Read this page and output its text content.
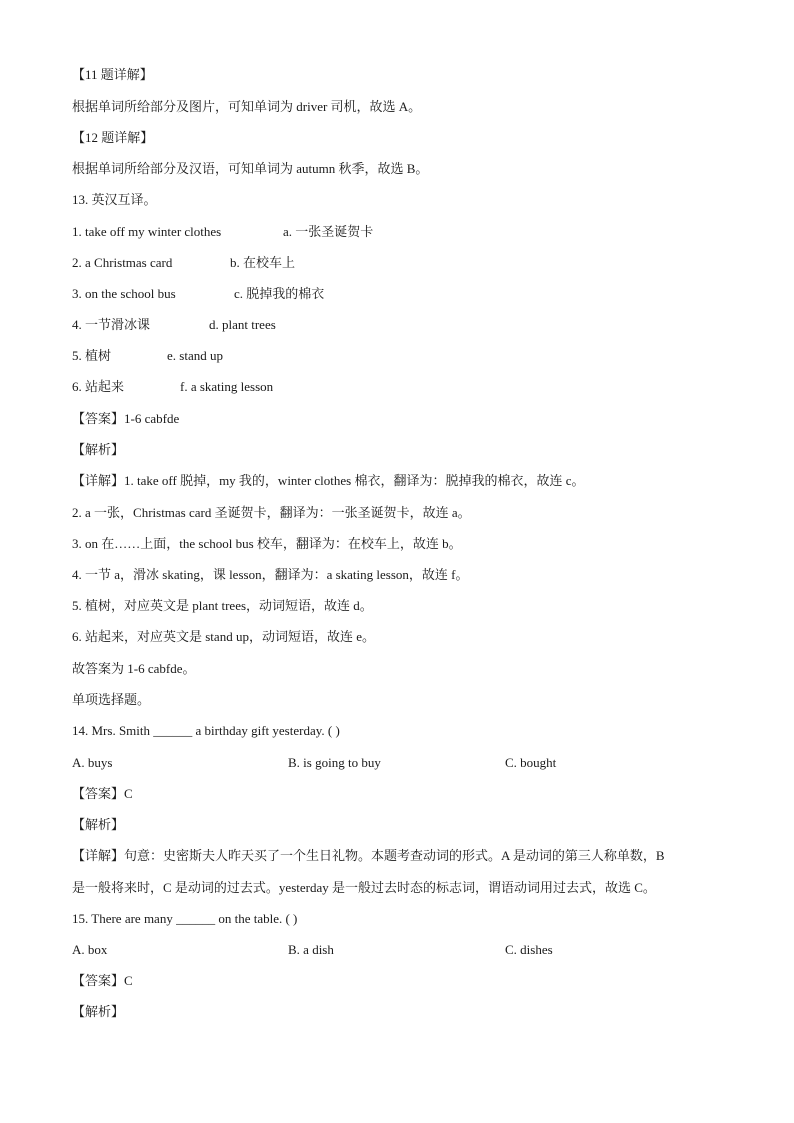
【11 题详解】
根据单词所给部分及图片，可知单词为 driver 司机，故选 A。
【12 题详解】
根据单词所给部分及汉语，可知单词为 autumn 秋季，故选 B。
13. 英汉互译。
1. take off my winter clothes	a. 一张圣诞贺卡
2. a Christmas card	b. 在校车上
3. on the school bus	c. 脱掉我的棉衣
4. 一节滑冰课	d. plant trees
5. 植树	e. stand up
6. 站起来	f. a skating lesson
【答案】1-6 cabfde
【解析】
【详解】1. take off 脱掉，my 我的，winter clothes 棉衣，翻译为：脱掉我的棉衣，故连 c。
2. a 一张，Christmas card 圣诞贺卡，翻译为：一张圣诞贺卡，故连 a。
3. on 在……上面，the school bus 校车，翻译为：在校车上，故连 b。
4. 一节 a，滑冰 skating，课 lesson，翻译为：a skating lesson，故连 f。
5. 植树，对应英文是 plant trees，动词短语，故连 d。
6. 站起来，对应英文是 stand up，动词短语，故连 e。
故答案为 1-6 cabfde。
单项选择题。
14. Mrs. Smith ______ a birthday gift yesterday. ( )
A. buys	B. is going to buy	C. bought
【答案】C
【解析】
【详解】句意：史密斯夫人昨天买了一个生日礼物。本题考查动词的形式。A 是动词的第三人称单数，B
是一般将来时，C 是动词的过去式。yesterday 是一般过去时态的标志词，谓语动词用过去式，故选 C。
15. There are many ______ on the table. ( )
A. box	B. a dish	C. dishes
【答案】C
【解析】
